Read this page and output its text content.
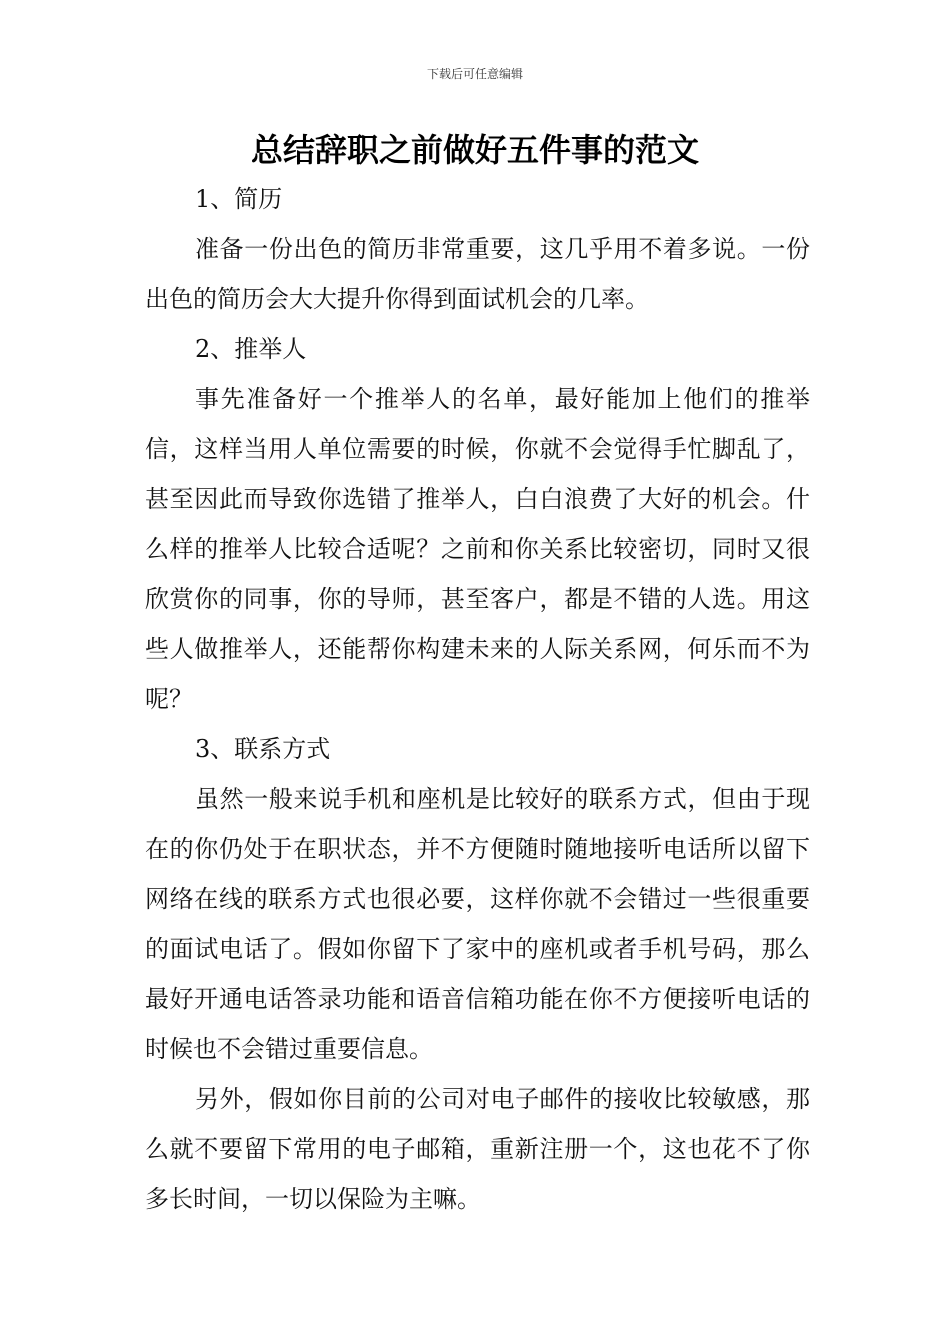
下载后可任意编辑
总结辞职之前做好五件事的范文

1、简历

准备一份出色的简历非常重要，这几乎用不着多说。一份出色的简历会大大提升你得到面试机会的几率。

2、推举人

事先准备好一个推举人的名单，最好能加上他们的推举信，这样当用人单位需要的时候，你就不会觉得手忙脚乱了，甚至因此而导致你选错了推举人，白白浪费了大好的机会。什么样的推举人比较合适呢？之前和你关系比较密切，同时又很欣赏你的同事，你的导师，甚至客户，都是不错的人选。用这些人做推举人，还能帮你构建未来的人际关系网，何乐而不为呢？

3、联系方式

虽然一般来说手机和座机是比较好的联系方式，但由于现在的你仍处于在职状态，并不方便随时随地接听电话所以留下网络在线的联系方式也很必要，这样你就不会错过一些很重要的面试电话了。假如你留下了家中的座机或者手机号码，那么最好开通电话答录功能和语音信箱功能在你不方便接听电话的时候也不会错过重要信息。

另外，假如你目前的公司对电子邮件的接收比较敏感，那么就不要留下常用的电子邮箱，重新注册一个，这也花不了你多长时间，一切以保险为主嘛。
